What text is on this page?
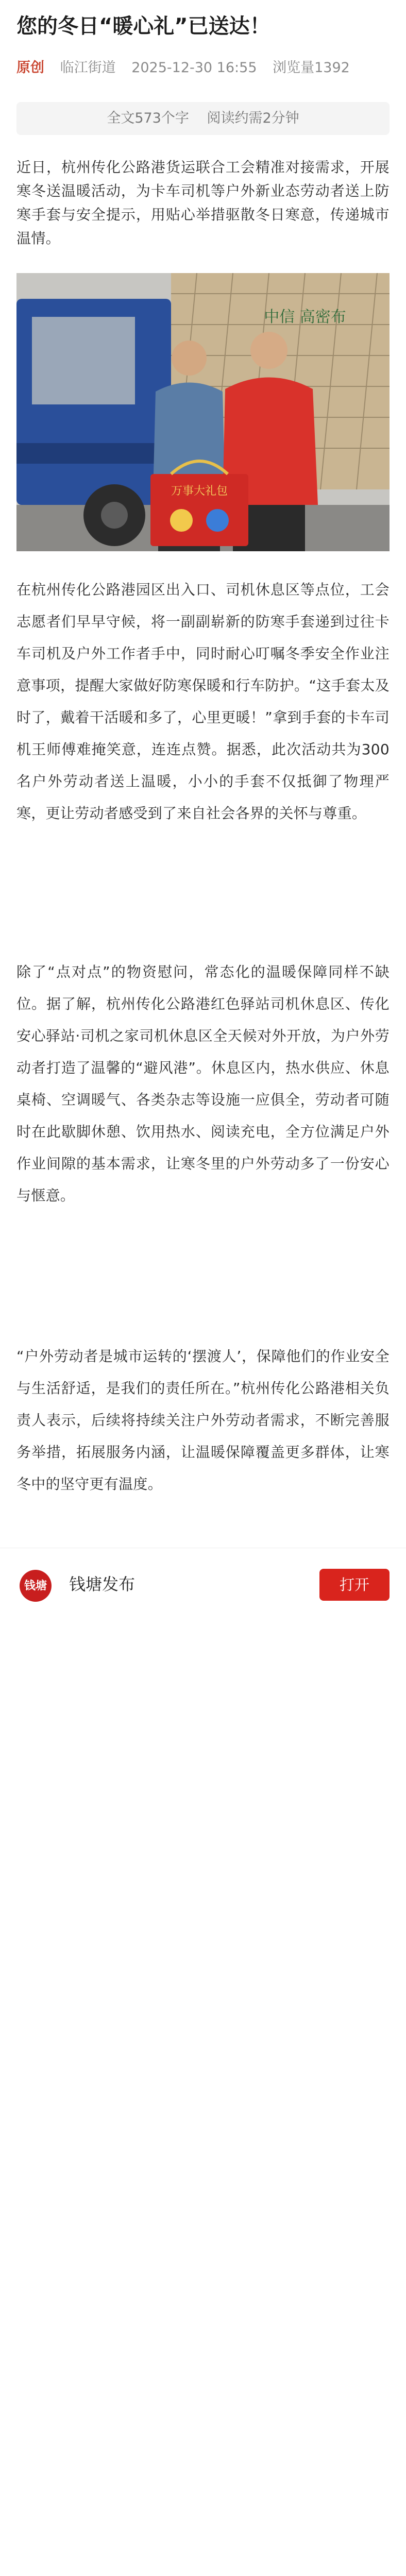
您的冬日“暖心礼”已送达！
原创 临江街道 2025-12-30 16:55 浏览量1392
全文573个字 阅读约需2分钟

近日，杭州传化公路港货运联合工会精准对接需求，开展寒冬送温暖活动，为卡车司机等户外新业态劳动者送上防寒手套与安全提示，用贴心举措驱散冬日寒意，传递城市温情。

中信 高密布
万事大礼包

在杭州传化公路港园区出入口、司机休息区等点位，工会志愿者们早早守候，将一副副崭新的防寒手套递到过往卡车司机及户外工作者手中，同时耐心叮嘱冬季安全作业注意事项，提醒大家做好防寒保暖和行车防护。“这手套太及时了，戴着干活暖和多了，心里更暖！”拿到手套的卡车司机王师傅难掩笑意，连连点赞。据悉，此次活动共为300名户外劳动者送上温暖，小小的手套不仅抵御了物理严寒，更让劳动者感受到了来自社会各界的关怀与尊重。

除了“点对点”的物资慰问，常态化的温暖保障同样不缺位。据了解，杭州传化公路港红色驿站司机休息区、传化安心驿站·司机之家司机休息区全天候对外开放，为户外劳动者打造了温馨的“避风港”。休息区内，热水供应、休息桌椅、空调暖气、各类杂志等设施一应俱全，劳动者可随时在此歇脚休憩、饮用热水、阅读充电，全方位满足户外作业间隙的基本需求，让寒冬里的户外劳动多了一份安心与惬意。

“户外劳动者是城市运转的‘摆渡人’，保障他们的作业安全与生活舒适，是我们的责任所在。”杭州传化公路港相关负责人表示，后续将持续关注户外劳动者需求，不断完善服务举措，拓展服务内涵，让温暖保障覆盖更多群体，让寒冬中的坚守更有温度。

钱塘 钱塘发布	打开
